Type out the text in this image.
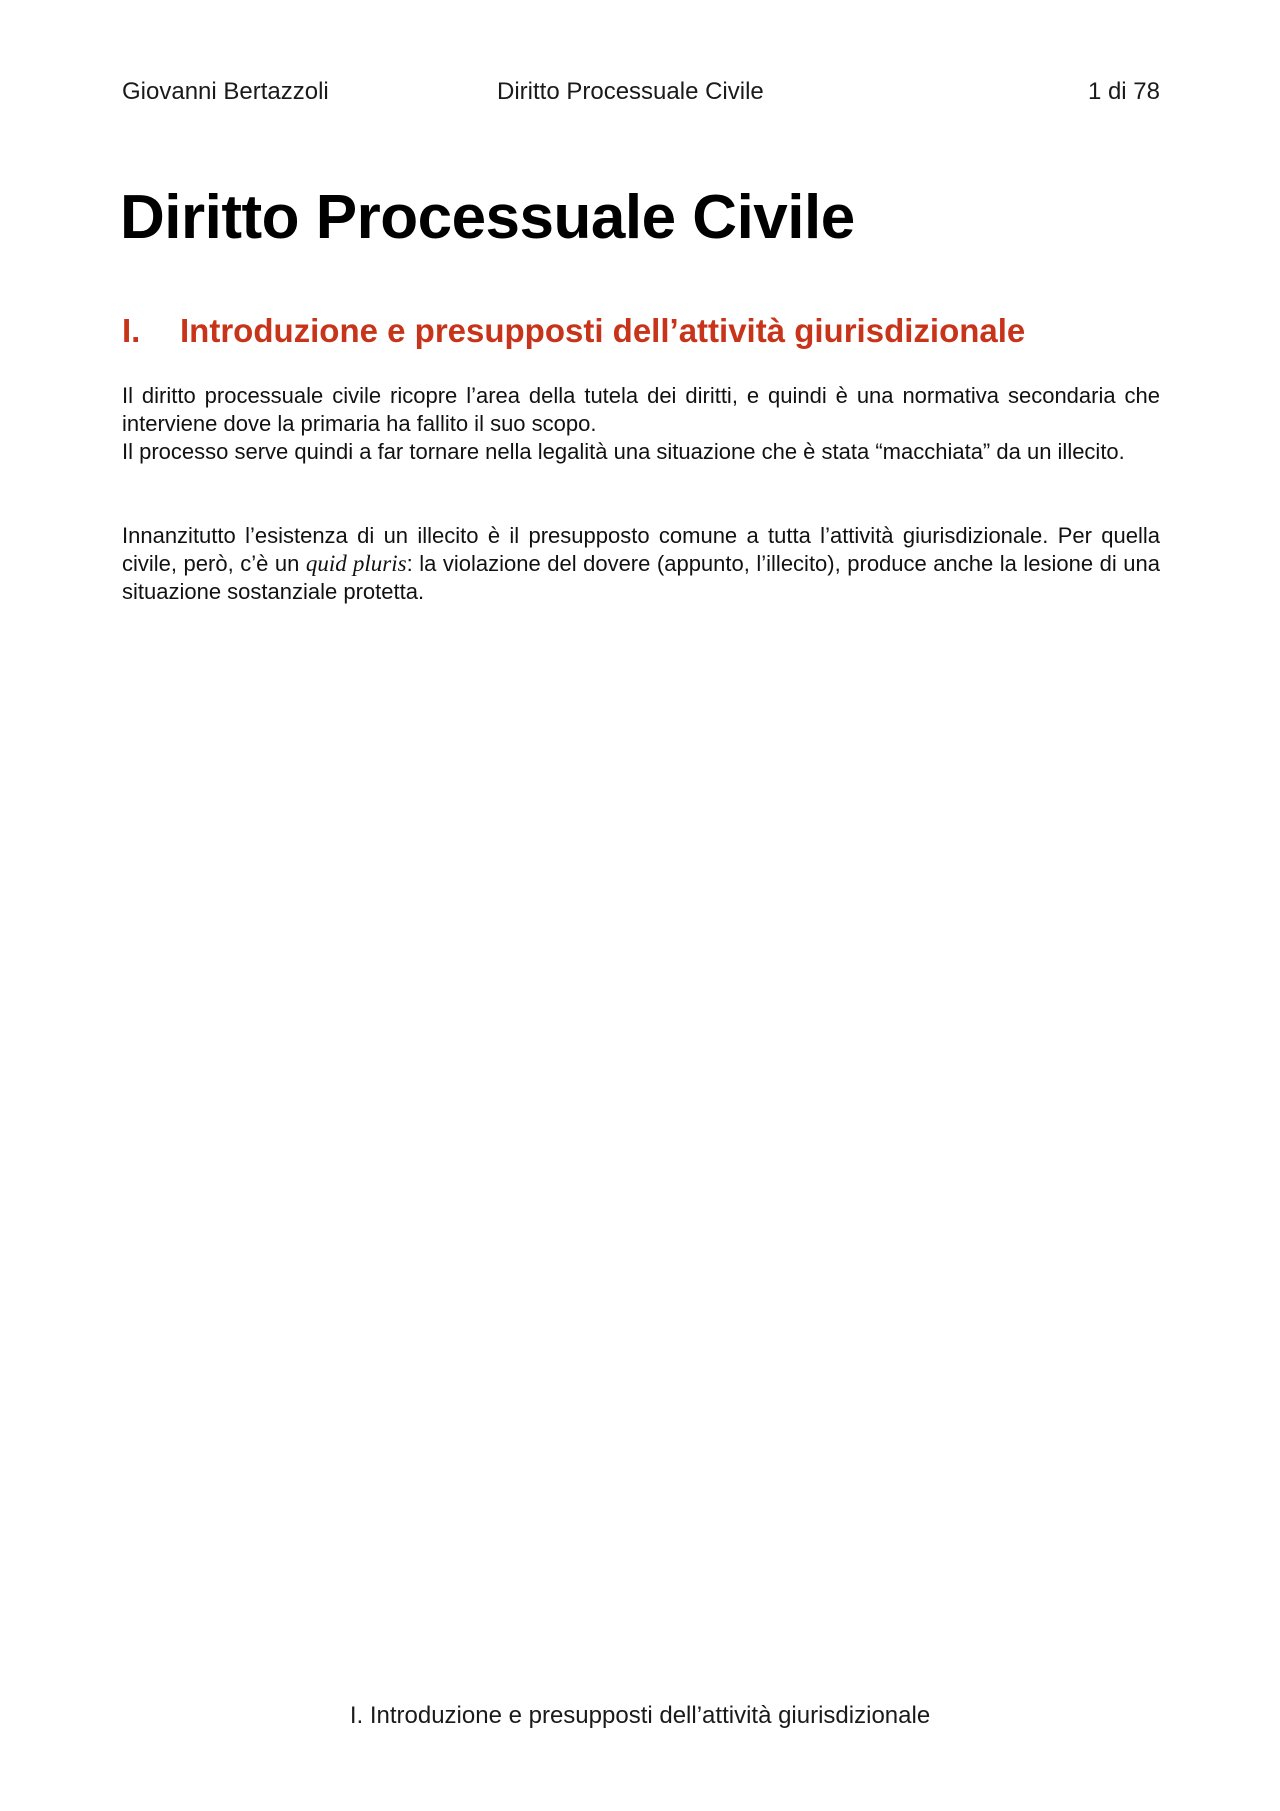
Giovanni Bertazzoli	Diritto Processuale Civile	1 di 78
Diritto Processuale Civile
I. Introduzione e presupposti dell’attività giurisdizionale

Il diritto processuale civile ricopre l’area della tutela dei diritti, e quindi è una normativa secondaria che interviene dove la primaria ha fallito il suo scopo.

Il processo serve quindi a far tornare nella legalità una situazione che è stata “macchiata” da un illecito.

Innanzitutto l’esistenza di un illecito è il presupposto comune a tutta l’attività giurisdizionale. Per quella civile, però, c’è un quid pluris: la violazione del dovere (appunto, l’illecito), produce anche la lesione di una situazione sostanziale protetta.

I. Introduzione e presupposti dell’attività giurisdizionale
